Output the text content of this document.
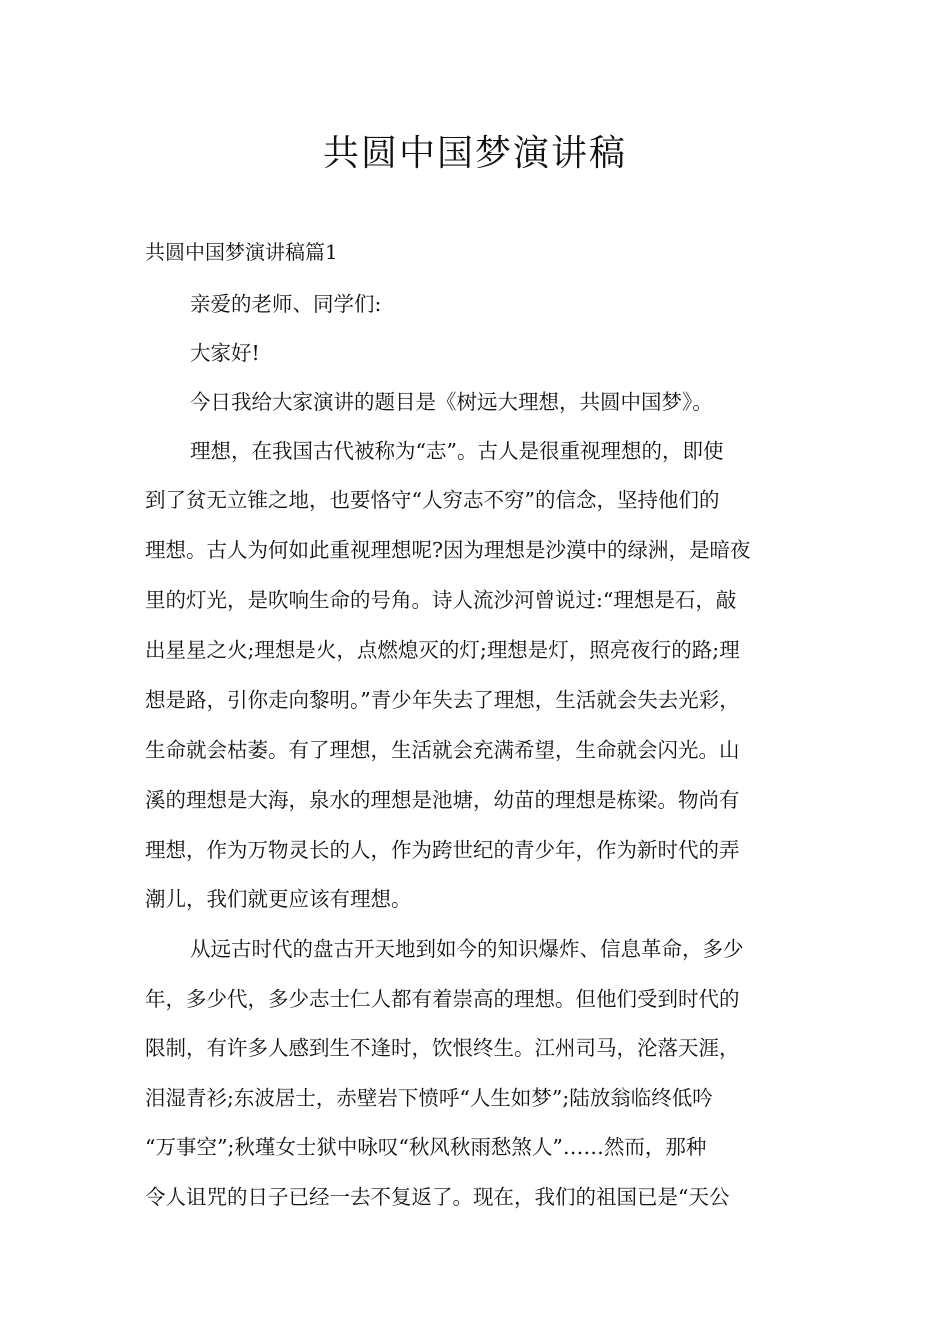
共圆中国梦演讲稿

共圆中国梦演讲稿篇1

亲爱的老师、同学们:

大家好!

今日我给大家演讲的题目是《树远大理想，共圆中国梦》。

理想，在我国古代被称为“志”。古人是很重视理想的，即使

到了贫无立锥之地，也要恪守“人穷志不穷”的信念，坚持他们的

理想。古人为何如此重视理想呢?因为理想是沙漠中的绿洲，是暗夜

里的灯光，是吹响生命的号角。诗人流沙河曾说过:“理想是石，敲

出星星之火;理想是火，点燃熄灭的灯;理想是灯，照亮夜行的路;理

想是路，引你走向黎明。”青少年失去了理想，生活就会失去光彩，

生命就会枯萎。有了理想，生活就会充满希望，生命就会闪光。山

溪的理想是大海，泉水的理想是池塘，幼苗的理想是栋梁。物尚有

理想，作为万物灵长的人，作为跨世纪的青少年，作为新时代的弄

潮儿，我们就更应该有理想。

从远古时代的盘古开天地到如今的知识爆炸、信息革命，多少

年，多少代，多少志士仁人都有着崇高的理想。但他们受到时代的

限制，有许多人感到生不逢时，饮恨终生。江州司马，沦落天涯，

泪湿青衫;东波居士，赤壁岩下愤呼“人生如梦”;陆放翁临终低吟

“万事空”;秋瑾女士狱中咏叹“秋风秋雨愁煞人”……然而，那种

令人诅咒的日子已经一去不复返了。现在，我们的祖国已是“天公
